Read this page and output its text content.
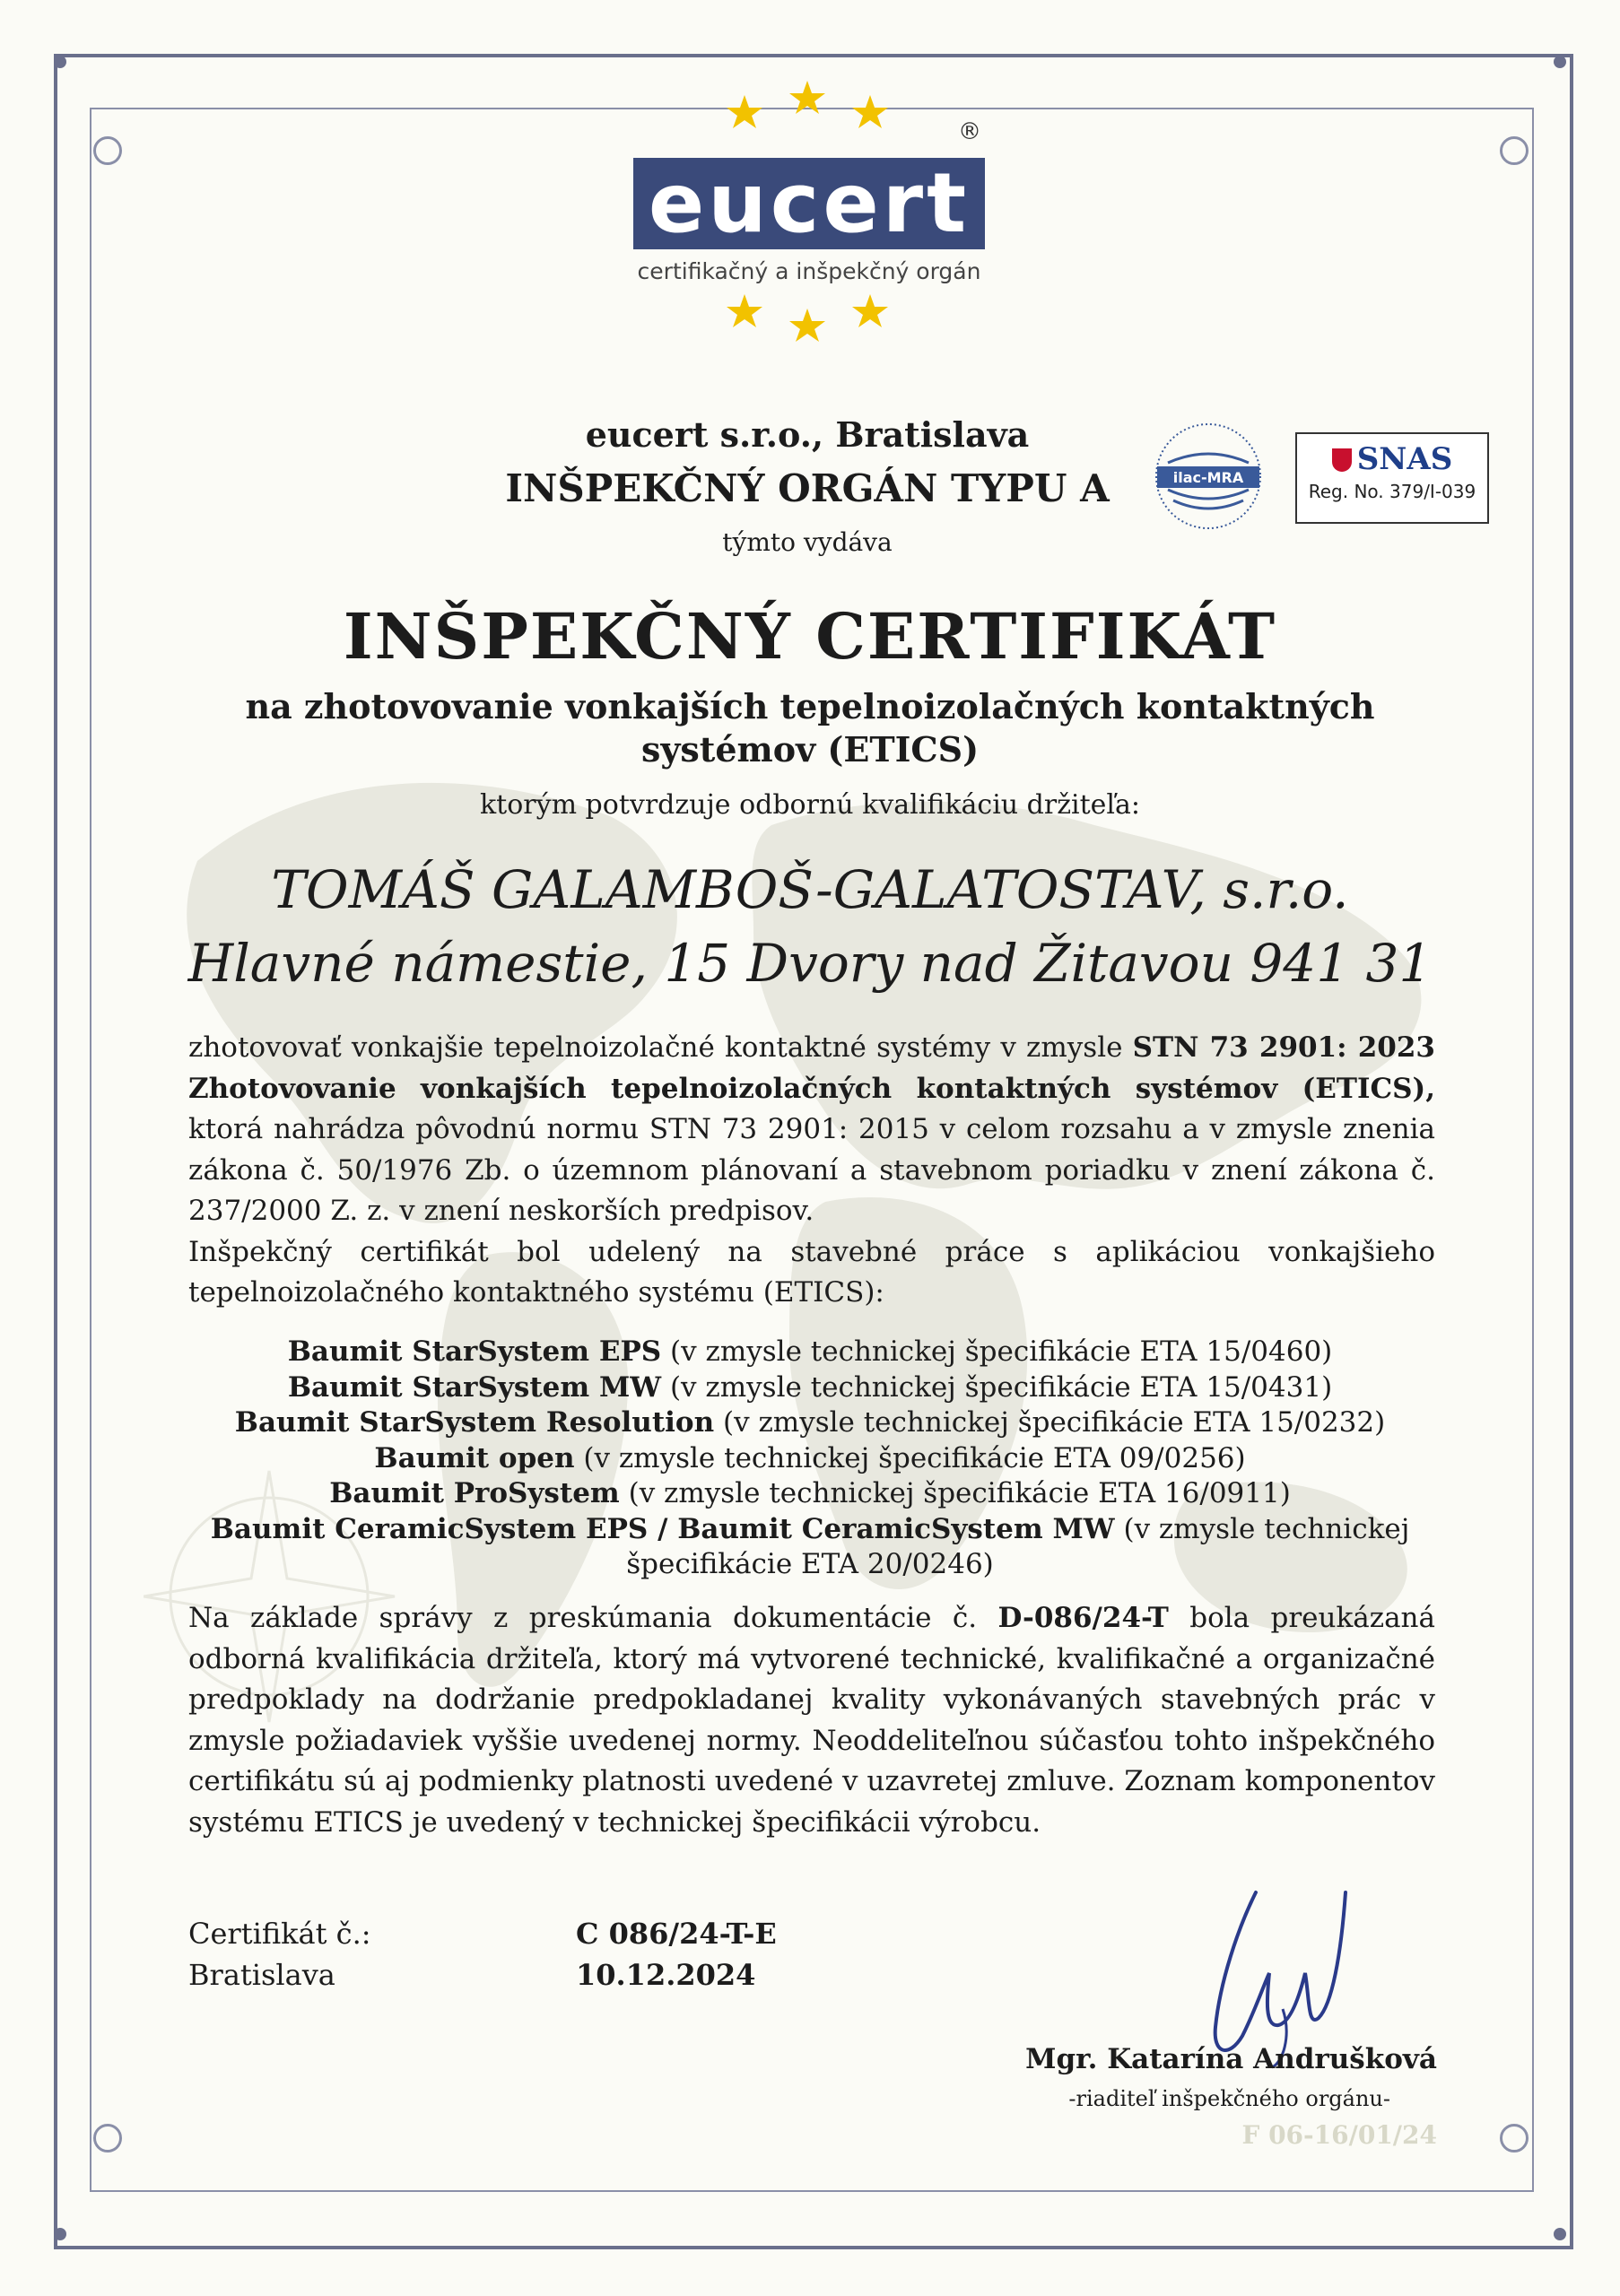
®
eucert
certifikačný a inšpekčný orgán
eucert s.r.o., Bratislava
INŠPEKČNÝ ORGÁN TYPU A
týmto vydáva
ilac-MRA
SNAS
Reg. No. 379/I-039
INŠPEKČNÝ CERTIFIKÁT
na zhotovovanie vonkajších tepelnoizolačných kontaktných
systémov (ETICS)
ktorým potvrdzuje odbornú kvalifikáciu držiteľa:
TOMÁŠ GALAMBOŠ-GALATOSTAV, s.r.o.
Hlavné námestie, 15 Dvory nad Žitavou 941 31
zhotovovať vonkajšie tepelnoizolačné kontaktné systémy v zmysle STN 73 2901: 2023 Zhotovovanie vonkajších tepelnoizolačných kontaktných systémov (ETICS), ktorá nahrádza pôvodnú normu STN 73 2901: 2015 v celom rozsahu a v zmysle znenia zákona č. 50/1976 Zb. o územnom plánovaní a stavebnom poriadku v znení zákona č. 237/2000 Z. z. v znení neskorších predpisov.
Inšpekčný certifikát bol udelený na stavebné práce s aplikáciou vonkajšieho tepelnoizolačného kontaktného systému (ETICS):
Baumit StarSystem EPS (v zmysle technickej špecifikácie ETA 15/0460)
Baumit StarSystem MW (v zmysle technickej špecifikácie ETA 15/0431)
Baumit StarSystem Resolution (v zmysle technickej špecifikácie ETA 15/0232)
Baumit open (v zmysle technickej špecifikácie ETA 09/0256)
Baumit ProSystem (v zmysle technickej špecifikácie ETA 16/0911)
Baumit CeramicSystem EPS / Baumit CeramicSystem MW (v zmysle technickej
špecifikácie ETA 20/0246)
Na základe správy z preskúmania dokumentácie č. D-086/24-T bola preukázaná odborná kvalifikácia držiteľa, ktorý má vytvorené technické, kvalifikačné a organizačné predpoklady na dodržanie predpokladanej kvality vykonávaných stavebných prác v zmysle požiadaviek vyššie uvedenej normy. Neoddeliteľnou súčasťou tohto inšpekčného certifikátu sú aj podmienky platnosti uvedené v uzavretej zmluve. Zoznam komponentov systému ETICS je uvedený v technickej špecifikácii výrobcu.
Certifikát č.:	C 086/24-T-E
Bratislava	10.12.2024
Mgr. Katarína Andrušková
-riaditeľ inšpekčného orgánu-
F 06-16/01/24
